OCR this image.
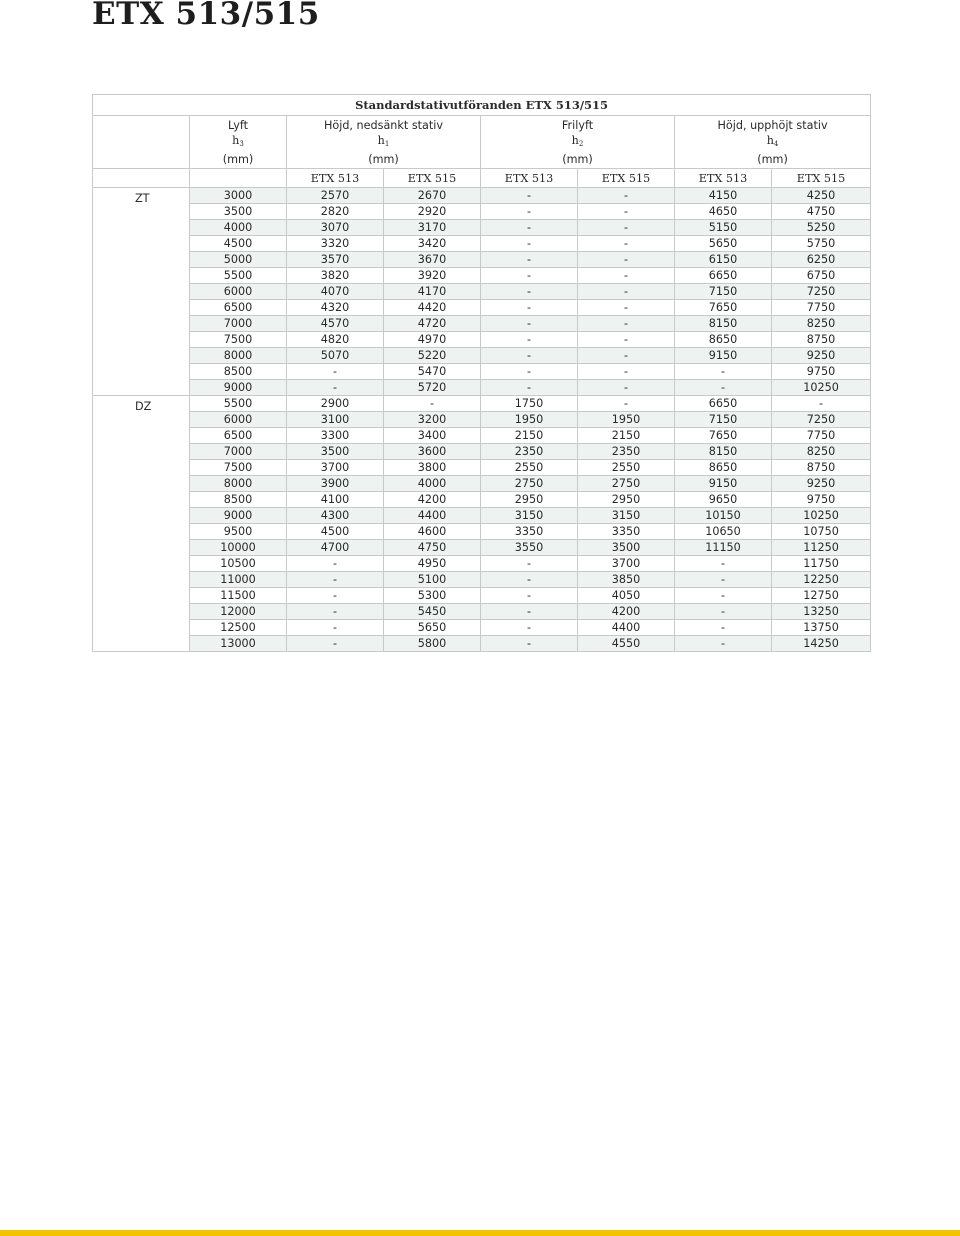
ETX 513/515
Standardstativutföranden ETX 513/515							

	Lyft
$h_3$
(mm)	Höjd, nedsänkt stativ
$h_1$
(mm)		Frilyft
$h_2$
(mm)		Höjd, upphöjt stativ
$h_4$
(mm)	

		ETX 513	ETX 515	ETX 513	ETX 515	ETX 513	ETX 515
ZT	3000	2570	2670	-	-	4150	4250
	3500	2820	2920	-	-	4650	4750
	4000	3070	3170	-	-	5150	5250
	4500	3320	3420	-	-	5650	5750
	5000	3570	3670	-	-	6150	6250
	5500	3820	3920	-	-	6650	6750
	6000	4070	4170	-	-	7150	7250
	6500	4320	4420	-	-	7650	7750
	7000	4570	4720	-	-	8150	8250
	7500	4820	4970	-	-	8650	8750
	8000	5070	5220	-	-	9150	9250
	8500	-	5470	-	-	-	9750
	9000	-	5720	-	-	-	10250
DZ	5500	2900	-	1750	-	6650	-
	6000	3100	3200	1950	1950	7150	7250
	6500	3300	3400	2150	2150	7650	7750
	7000	3500	3600	2350	2350	8150	8250
	7500	3700	3800	2550	2550	8650	8750
	8000	3900	4000	2750	2750	9150	9250
	8500	4100	4200	2950	2950	9650	9750
	9000	4300	4400	3150	3150	10150	10250
	9500	4500	4600	3350	3350	10650	10750
	10000	4700	4750	3550	3500	11150	11250
	10500	-	4950	-	3700	-	11750
	11000	-	5100	-	3850	-	12250
	11500	-	5300	-	4050	-	12750
	12000	-	5450	-	4200	-	13250
	12500	-	5650	-	4400	-	13750
	13000	-	5800	-	4550	-	14250
